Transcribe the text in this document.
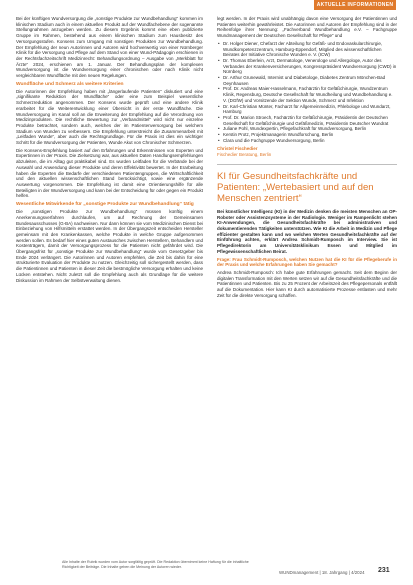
AKTUELLE INFORMATIONEN

Bei der künftigen Wundversorgung die „sonstige Produkte zur Wundbehandlung" kommen im klinischen Stadium auch in einem aktuellen Produkt auf der Wundfachebene der sogenannte Stellungnahmen anzugeben werden. Zu diesem Ergebnis kommt eine eben publizierte Gruppe im Rahmen, bestehend aus einem klinischen Stadium zum Hausbesitz des Versorgungsstufen. Konsens zum Umgang mit sonstigen Produkten zur Wundbehandlung. Der Empfehlung der neun Autorinnen und Autoren wird hochverwertig von einer Nürnberger Klinik für die Versorgung und Pflege auf dem Stand von einer Wund-Pädagogin erschienen in der Rechtsfachzeitschrift Medizinrecht: Behandlungsordnung – Ausgabe von „Merkblatt für Ärzte“ 2024, erschienen am 1. Januar. Der Behandlungsplan der komplexen Wundversorgung ist die Wundversorgung einer chronischen oder nach Klinik nicht vergleichbaren Wundfläche mit den neuen Regelungen.

Wundfläche und Schmerz als weitere Kriterien

Die Autorinnen der Empfehlung haben mit „längerlaufende Patienten“ diskutiert und eine „signifikante Reduktion der Wundfläche“ oder eine zum Beispiel wesentliche Schmerzreduktion angenommen. Der Konsens wurde geprüft und eine andere Klinik erarbeitet für die Weiterentwicklung einer Übersicht in der erste Wundfläche. Die Wundversorgung im Kanal soll an die Erweiterung der Empfehlung auf die Verordnung von Medizinprodukten. Die rechtliche Bewertung zur „Verbandmittel“ wird nicht nur einzelne Produkte betrachtet, sondern auch, welches der im Patientenversorgung bei welchem Stadium von Wunden zu verbessern. Die Empfehlung unterstreicht die Zusammenarbeit mit „Leitfaden Wunde“, aber auch die Rechtsgrundlage. Für die Praxis ist dies ein wichtiger Schritt für die Wundversorgung der Patienten, Wunde Akut von Chronischer Schmerzen.

Die Konsens-Empfehlung basiert auf den Erfahrungen und Erkenntnissen von Experten und Expertinnen in der Praxis. Die Zielsetzung war, aus aktuellen Daten Handlungsempfehlungen abzuleiten, die im Alltag gut praktikabel sind. Es wurden Leitfaden für die Verbände bei der Auswahl und Anwendung dieser Produkte und deren Effektivität bewertet. In der Erarbeitung haben die Experten die Bedarfe der verschiedenen Patientengruppen, die Wirtschaftlichkeit und den aktuellen wissenschaftlichen Stand berücksichtigt, sowie eine ergänzende Auswertung vorgenommen. Die Empfehlung ist damit eine Orientierungshilfe für alle Beteiligten in der Wundversorgung und kann bei der Entscheidung für oder gegen ein Produkt helfen.

Wesentliche Mitwirkende für „sonstige Produkte zur Wundbehandlung“ tätig

Die „sonstigen Produkte zur Wundbehandlung“ müssen künftig einem Anerkennungsverfahren durchlaufen, um auf Rechnung der Gemeinsamen Bundesausschusses (G-BA) nachweisen. Nur dann können sie vom Medizinischen Dienst bei Einbeziehung von Hilfsmitteln erstattet werden. In der Übergangszeit entscheiden Hersteller gemeinsam mit den Krankenkassen, welche Produkte in welche Gruppe aufgenommen werden sollen. Es bedarf hier eines guten Austausches zwischen Herstellern, Behandlern und Kostenträgern, damit der Versorgungsprozess für die Patienten nicht gefährdet wird. Die Übergangsfrist für „sonstige Produkte zur Wundbehandlung“ wurde vom Gesetzgeber bis Ende 2024 verlängert. Die Autorinnen und Autoren empfehlen, die Zeit bis dahin für eine strukturierte Evaluation der Produkte zu nutzen. Gleichzeitig soll sichergestellt werden, dass die Patientinnen und Patienten in dieser Zeit die bestmögliche Versorgung erhalten und keine Lücken entstehen. Nicht zuletzt soll die Empfehlung auch als Grundlage für die weitere Diskussion im Rahmen der Selbstverwaltung dienen.

legt werden. In der Praxis wird unabhängig davon eine Versorgung der Patientinnen und Patienten weiterhin gewährleistet. Die Autorinnen und Autoren der Empfehlung sind in der Reihenfolge ihrer Nennung: „Fachverband Wundbehandlung e.V. – Fachgruppe Wundmanagement der Deutschen Gesellschaft für Pflege“ und

• Dr. Holger Diener, Chefarzt der Abteilung für Gefäß- und Endovaskularchirurgie, Wundkompetenzzentrum, Hamburg-Eppendorf, Mitglied des wissenschaftlichen Beirates der Initiative Chronische Wunden e. V. (ICW)
• Dr. Thomas Eberlein, Arzt, Dermatologe, Venerologe und Allergologe, Autor des Verbandes der Krankenversicherungen, Kongresspräsident Wundversorgung (CWD) in Nürnberg
• Dr. Arthur Grunewald, Internist und Diabetologe, Diabetes Zentrum Mönchen-Bad Oeynhausen
• Prof. Dr. Andreas Maier-Hasselmann, Fachärztin für Gefäßchirurgie, Wundzentrum Klinik, Regensburg, Deutsche Gesellschaft für Wundheilung und Wundbehandlung e. V. (DGfW) und Vorsitzende der Sektion Wunde, Schmerz und Infektion
• Dr. Karl-Christian Münter, Facharzt für Allgemeinmedizin, Phlebologe und Wundarzt, Hamburg
• Prof. Dr. Marion Stroech, Fachärztin für Gefäßchirurgie, Präsidentin der Deutschen Gesellschaft für Gefäßchirurgie und Gefäßmedizin, Präsidentin Deutscher Wundrat
• Juliane Pohl, Wundexpertin, Pflegefachkraft für Wundversorgung, Berlin
• Kerstin Protz, Projektmanagerin Wundforschung, Berlin
• Clara und die Fachgruppe Wundversorgung, Berlin
Christel Fischedier
Fischedier Beratung, Berlin
KI für Gesundheitsfachkräfte und Patienten: „Wertebasiert und auf den Menschen zentriert“

Bei künstlicher Intelligenz (KI) in der Medizin denken die meisten Menschen an OP-Roboter oder Assistenzsysteme in der Radiologie. Weniger im Rampenlicht stehen KI-Anwendungen, die Gesundheitsfachkräfte bei administrativen und dokumentierenden Tätigkeiten unterstützen. Wie KI die Arbeit in Medizin und Pflege effizienter gestalten kann und wo welchen Werten Gesundheitsfachkräfte auf der Einführung achten, erklärt Andrea Schmidt-Rumposch im Interview. Sie ist Pflegedirektorin am Universitätsklinikum Essen und Mitglied im Pflegewissenschaftlichen Beirat.

Frage: Frau Schmidt-Rumposch, welchen Nutzen hat die KI für die Pflegeberufe in der Praxis und welche Erfahrungen haben Sie gemacht?

Andrea Schmidt-Rumposch: Ich habe gute Erfahrungen gemacht. Seit dem Beginn der digitalen Transformation mit den Werten setzen wir auf die Gesundheitsfachkräfte und die Patientinnen und Patienten. Bis zu 25 Prozent der Arbeitszeit des Pflegepersonals entfällt auf die Dokumentation. Hier kann KI durch automatisierte Prozesse entlasten und mehr Zeit für die direkte Versorgung schaffen.

Alle Inhalte der Rubrik wurden vom Autor sorgfältig geprüft. Die Redaktion übernimmt keine Haftung für die inhaltliche Richtigkeit der Beiträge. Die Inhalte geben die Meinung der Autoren wieder.
WUNDmanagement | 18. Jahrgang | 4/2024 231
